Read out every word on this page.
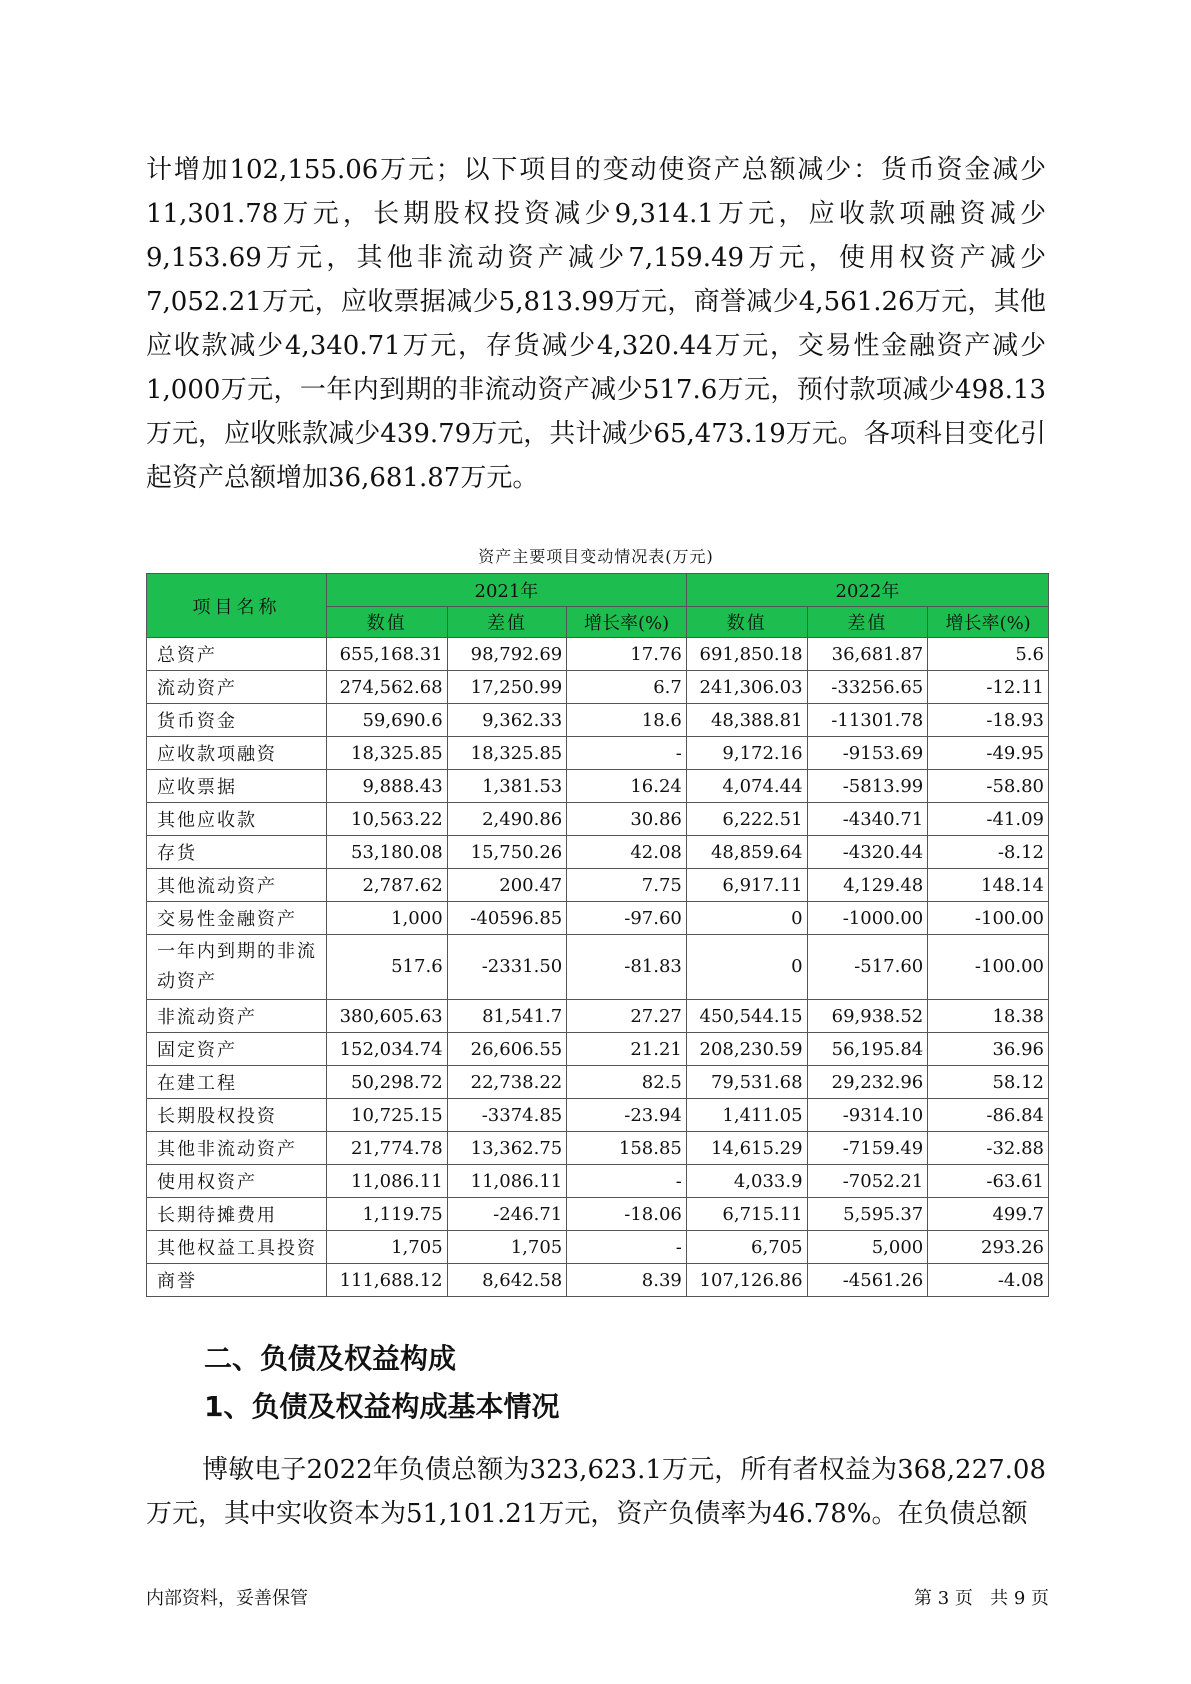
计增加102,155.06万元；以下项目的变动使资产总额减少：货币资金减少11,301.78万元，长期股权投资减少9,314.1万元，应收款项融资减少9,153.69万元，其他非流动资产减少7,159.49万元，使用权资产减少7,052.21万元，应收票据减少5,813.99万元，商誉减少4,561.26万元，其他应收款减少4,340.71万元，存货减少4,320.44万元，交易性金融资产减少1,000万元，一年内到期的非流动资产减少517.6万元，预付款项减少498.13万元，应收账款减少439.79万元，共计减少65,473.19万元。各项科目变化引起资产总额增加36,681.87万元。

资产主要项目变动情况表(万元)
项目名称	2021年			2022年		
	数值	差值	增长率(%)	数值	差值	增长率(%)
总资产	655,168.31	98,792.69	17.76	691,850.18	36,681.87	5.6
流动资产	274,562.68	17,250.99	6.7	241,306.03	-33256.65	-12.11
货币资金	59,690.6	9,362.33	18.6	48,388.81	-11301.78	-18.93
应收款项融资	18,325.85	18,325.85	-	9,172.16	-9153.69	-49.95
应收票据	9,888.43	1,381.53	16.24	4,074.44	-5813.99	-58.80
其他应收款	10,563.22	2,490.86	30.86	6,222.51	-4340.71	-41.09
存货	53,180.08	15,750.26	42.08	48,859.64	-4320.44	-8.12
其他流动资产	2,787.62	200.47	7.75	6,917.11	4,129.48	148.14
交易性金融资产	1,000	-40596.85	-97.60	0	-1000.00	-100.00
一年内到期的非流动资产	517.6	-2331.50	-81.83	0	-517.60	-100.00
非流动资产	380,605.63	81,541.7	27.27	450,544.15	69,938.52	18.38
固定资产	152,034.74	26,606.55	21.21	208,230.59	56,195.84	36.96
在建工程	50,298.72	22,738.22	82.5	79,531.68	29,232.96	58.12
长期股权投资	10,725.15	-3374.85	-23.94	1,411.05	-9314.10	-86.84
其他非流动资产	21,774.78	13,362.75	158.85	14,615.29	-7159.49	-32.88
使用权资产	11,086.11	11,086.11	-	4,033.9	-7052.21	-63.61
长期待摊费用	1,119.75	-246.71	-18.06	6,715.11	5,595.37	499.7
其他权益工具投资	1,705	1,705	-	6,705	5,000	293.26
商誉	111,688.12	8,642.58	8.39	107,126.86	-4561.26	-4.08
二、负债及权益构成
1、负债及权益构成基本情况

博敏电子2022年负债总额为323,623.1万元，所有者权益为368,227.08万元，其中实收资本为51,101.21万元，资产负债率为46.78%。在负债总额

内部资料，妥善保管	第 3 页   共 9 页
